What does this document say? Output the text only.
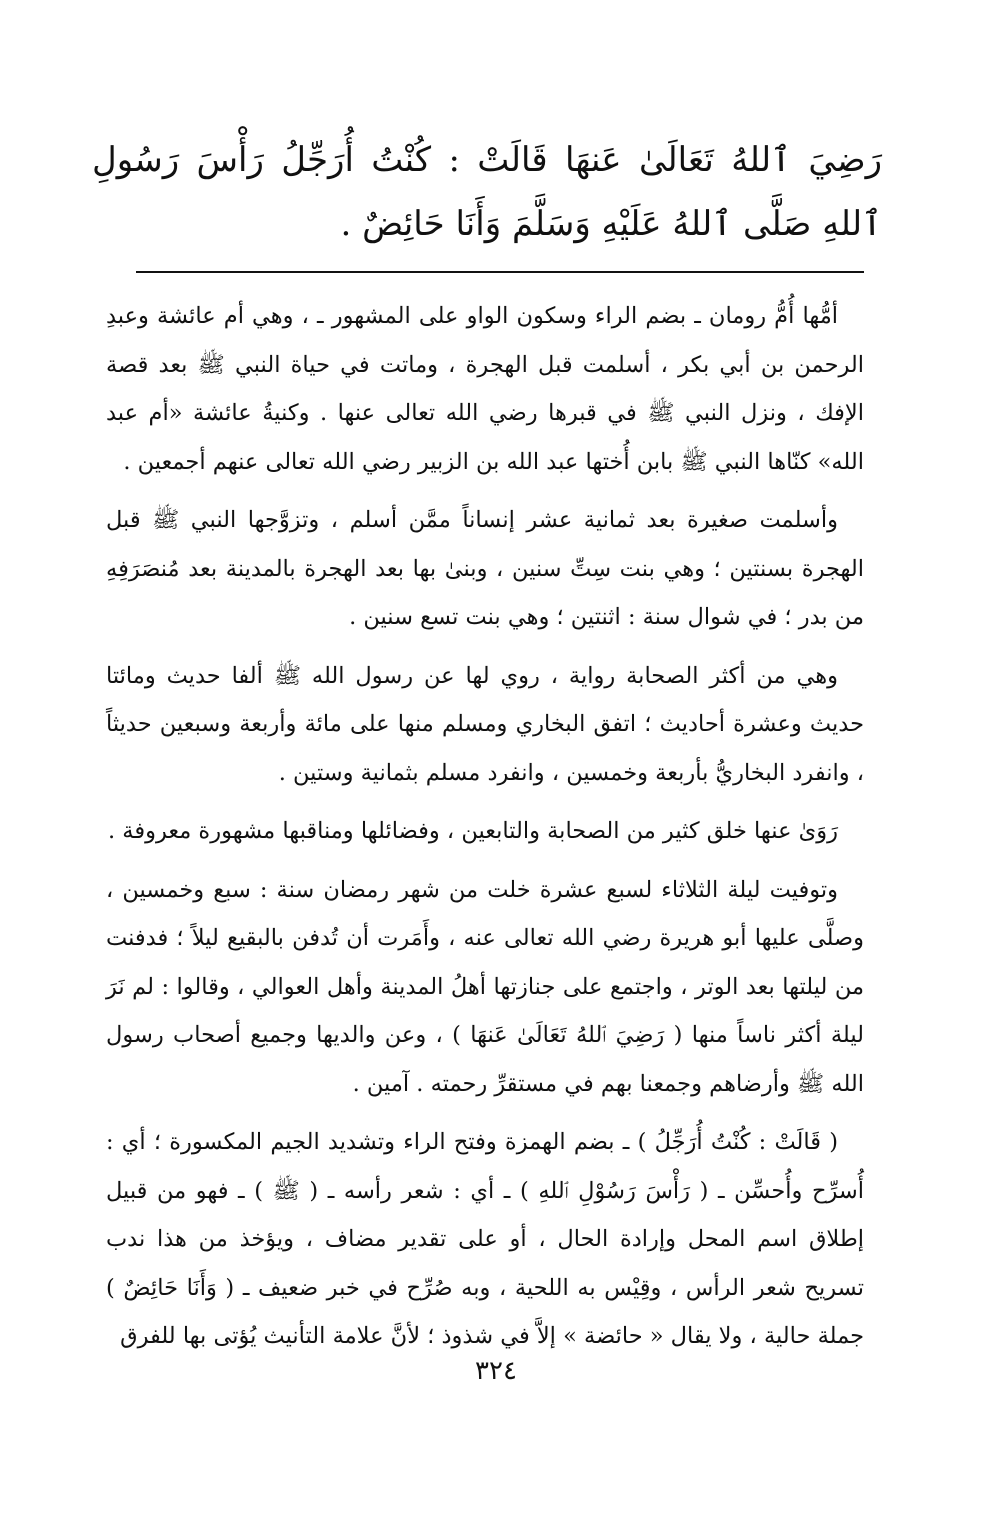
رَضِيَ ٱللهُ تَعَالَىٰ عَنهَا قَالَتْ : كُنْتُ أُرَجِّلُ رَأْسَ رَسُولِ ٱللهِ صَلَّى ٱللهُ عَلَيْهِ وَسَلَّمَ وَأَنَا حَائِضٌ .

أمُّها أُمُّ رومان ـ بضم الراء وسكون الواو على المشهور ـ ، وهي أم عائشة وعبدِ الرحمن بن أبي بكر ، أسلمت قبل الهجرة ، وماتت في حياة النبي ﷺ بعد قصة الإفك ، ونزل النبي ﷺ في قبرها رضي الله تعالى عنها . وكنيةُ عائشة «أم عبد الله» كنّاها النبي ﷺ بابن أُختها عبد الله بن الزبير رضي الله تعالى عنهم أجمعين .

وأسلمت صغيرة بعد ثمانية عشر إنساناً ممَّن أسلم ، وتزوَّجها النبي ﷺ قبل الهجرة بسنتين ؛ وهي بنت سِتِّ سنين ، وبنىٰ بها بعد الهجرة بالمدينة بعد مُنصَرَفِهِ من بدر ؛ في شوال سنة : اثنتين ؛ وهي بنت تسع سنين .

وهي من أكثر الصحابة رواية ، روي لها عن رسول الله ﷺ ألفا حديث ومائتا حديث وعشرة أحاديث ؛ اتفق البخاري ومسلم منها على مائة وأربعة وسبعين حديثاً ، وانفرد البخاريُّ بأربعة وخمسين ، وانفرد مسلم بثمانية وستين .

رَوَىٰ عنها خلق كثير من الصحابة والتابعين ، وفضائلها ومناقبها مشهورة معروفة .

وتوفيت ليلة الثلاثاء لسبع عشرة خلت من شهر رمضان سنة : سبع وخمسين ، وصلَّى عليها أبو هريرة رضي الله تعالى عنه ، وأَمَرت أن تُدفن بالبقيع ليلاً ؛ فدفنت من ليلتها بعد الوتر ، واجتمع على جنازتها أهلُ المدينة وأهل العوالي ، وقالوا : لم نَرَ ليلة أكثر ناساً منها ( رَضِيَ ٱللهُ تَعَالَىٰ عَنهَا ) ، وعن والديها وجميع أصحاب رسول الله ﷺ وأرضاهم وجمعنا بهم في مستقرِّ رحمته . آمين .

( قَالَتْ : كُنْتُ أُرَجِّلُ ) ـ بضم الهمزة وفتح الراء وتشديد الجيم المكسورة ؛ أي : أُسرِّح وأُحسِّن ـ ( رَأْسَ رَسُوْلِ ٱللهِ ) ـ أي : شعر رأسه ـ ( ﷺ ) ـ فهو من قبيل إطلاق اسم المحل وإرادة الحال ، أو على تقدير مضاف ، ويؤخذ من هذا ندب تسريح شعر الرأس ، وقِيْس به اللحية ، وبه صُرِّح في خبر ضعيف ـ ( وَأَنَا حَائِضٌ ) جملة حالية ، ولا يقال « حائضة » إلاَّ في شذوذ ؛ لأنَّ علامة التأنيث يُؤتى بها للفرق

٣٢٤
